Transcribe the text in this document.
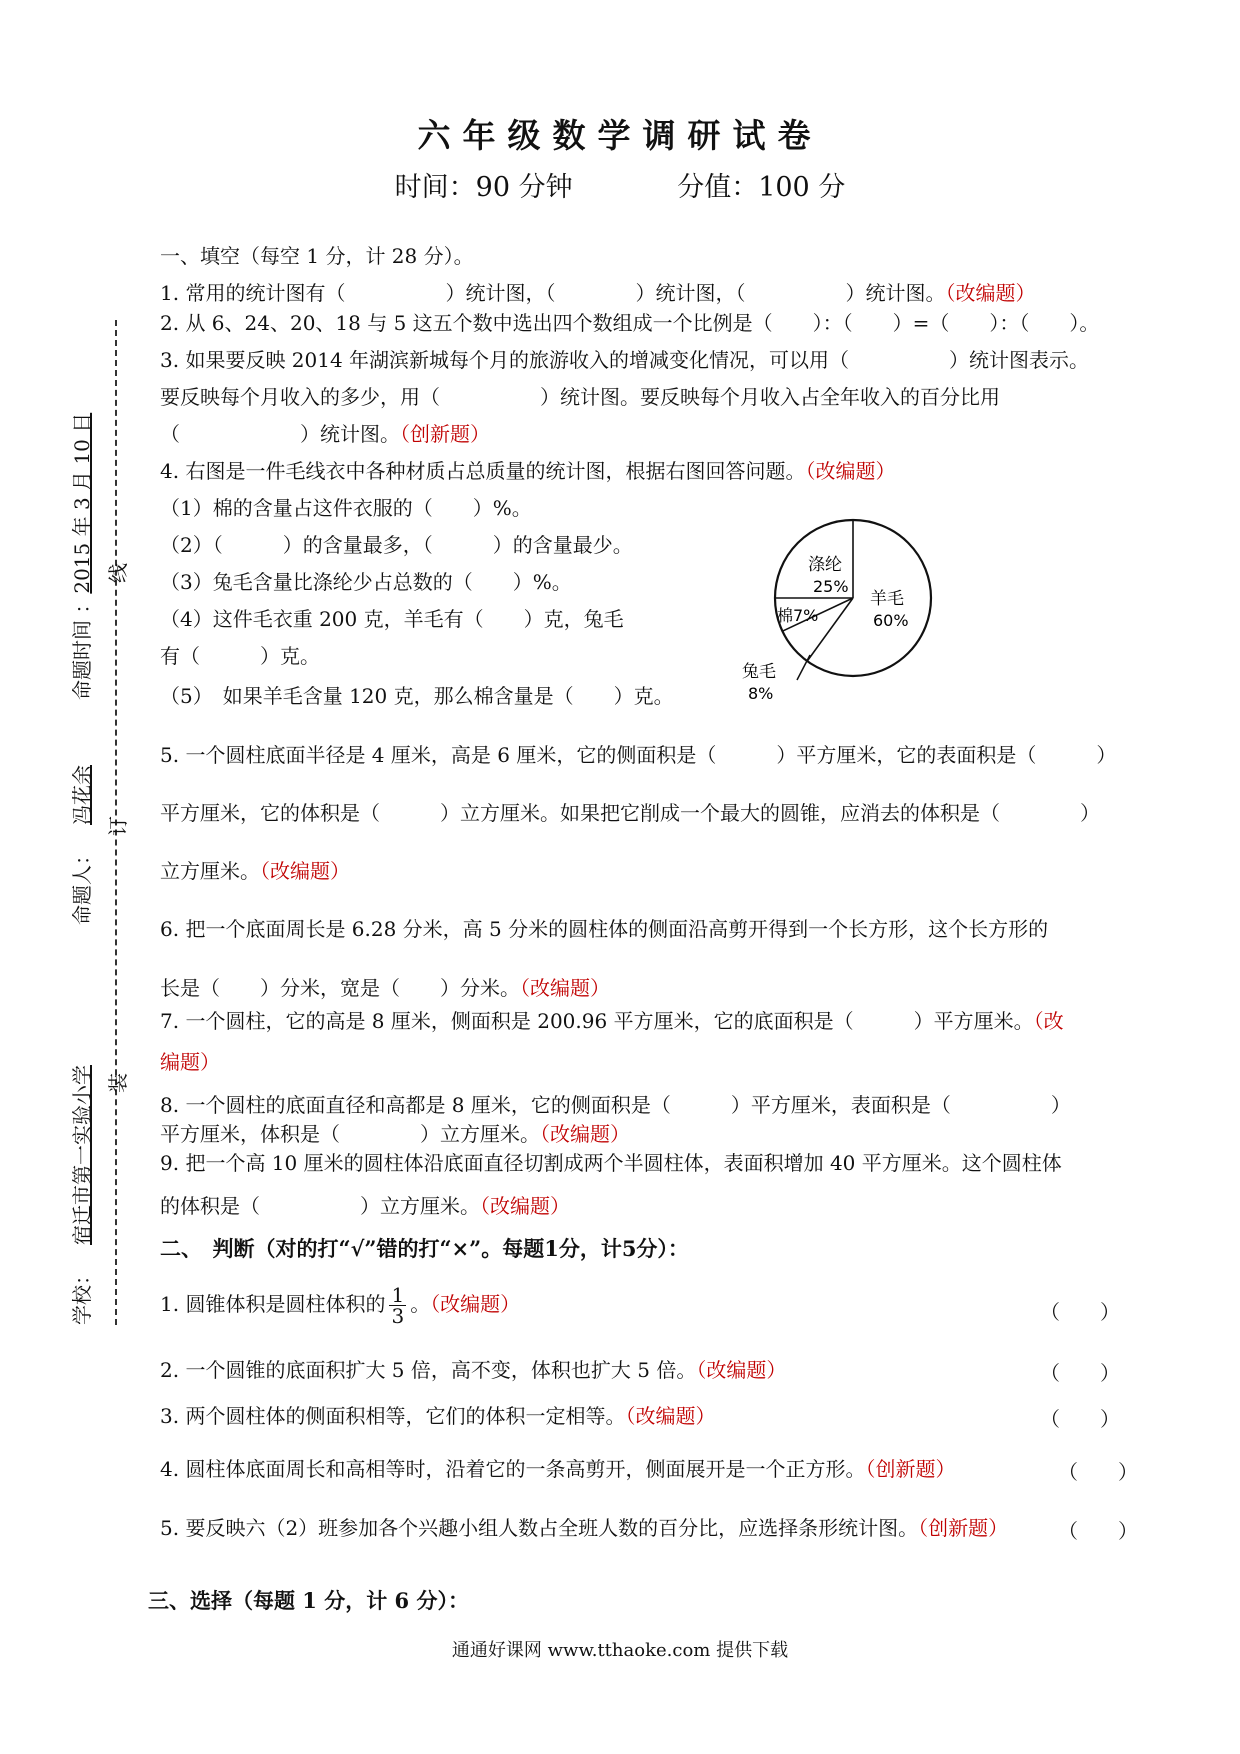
六年级数学调研试卷
时间：90 分钟	分值：100 分
命题时间 ：2015 年 3 月 10 日
命题人：冯花余
学校：宿迁市第一实验小学
线
订
装
一、填空（每空 1 分，计 28 分）。
1. 常用的统计图有（　　　　　）统计图，（　　　　）统计图，（　　　　　）统计图。（改编题）
2. 从 6、24、20、18 与 5 这五个数中选出四个数组成一个比例是（　　）：（　　）=（　　）：（　　）。
3. 如果要反映 2014 年湖滨新城每个月的旅游收入的增减变化情况，可以用（　　　　　）统计图表示。
要反映每个月收入的多少，用（　　　　　）统计图。要反映每个月收入占全年收入的百分比用
（　　　　　　）统计图。（创新题）
4. 右图是一件毛线衣中各种材质占总质量的统计图，根据右图回答问题。（改编题）
（1）棉的含量占这件衣服的（　　）%。
（2）（　　　）的含量最多，（　　　）的含量最少。
（3）兔毛含量比涤纶少占总数的（　　）%。
（4）这件毛衣重 200 克，羊毛有（　　）克，兔毛
有（　　　）克。
（5）　如果羊毛含量 120 克，那么棉含量是（　　）克。
涤纶
25%
羊毛
60%
棉7%
兔毛
8%
5. 一个圆柱底面半径是 4 厘米，高是 6 厘米，它的侧面积是（　　　）平方厘米，它的表面积是（　　　）
平方厘米，它的体积是（　　　）立方厘米。如果把它削成一个最大的圆锥，应消去的体积是（　　　　）
立方厘米。（改编题）
6. 把一个底面周长是 6.28 分米，高 5 分米的圆柱体的侧面沿高剪开得到一个长方形，这个长方形的
长是（　　）分米，宽是（　　）分米。（改编题）
7. 一个圆柱，它的高是 8 厘米，侧面积是 200.96 平方厘米，它的底面积是（　　　）平方厘米。（改
编题）
8. 一个圆柱的底面直径和高都是 8 厘米，它的侧面积是（　　　）平方厘米，表面积是（　　　　　）
平方厘米，体积是（　　　　）立方厘米。（改编题）
9. 把一个高 10 厘米的圆柱体沿底面直径切割成两个半圆柱体，表面积增加 40 平方厘米。这个圆柱体
的体积是（　　　　　）立方厘米。（改编题）
二、　判断（对的打“√”错的打“×”。每题1分，计5分）：
1. 圆锥体积是圆柱体积的 $\frac{1}{3}$ 。（改编题）	（　　）
2. 一个圆锥的底面积扩大 5 倍，高不变，体积也扩大 5 倍。（改编题）	（　　）
3. 两个圆柱体的侧面积相等，它们的体积一定相等。（改编题）	（　　）
4. 圆柱体底面周长和高相等时，沿着它的一条高剪开，侧面展开是一个正方形。（创新题）	（　　）
5. 要反映六（2）班参加各个兴趣小组人数占全班人数的百分比，应选择条形统计图。（创新题） （　　）
三、选择（每题 1 分，计 6 分）：
通通好课网 www.tthaoke.com 提供下载
